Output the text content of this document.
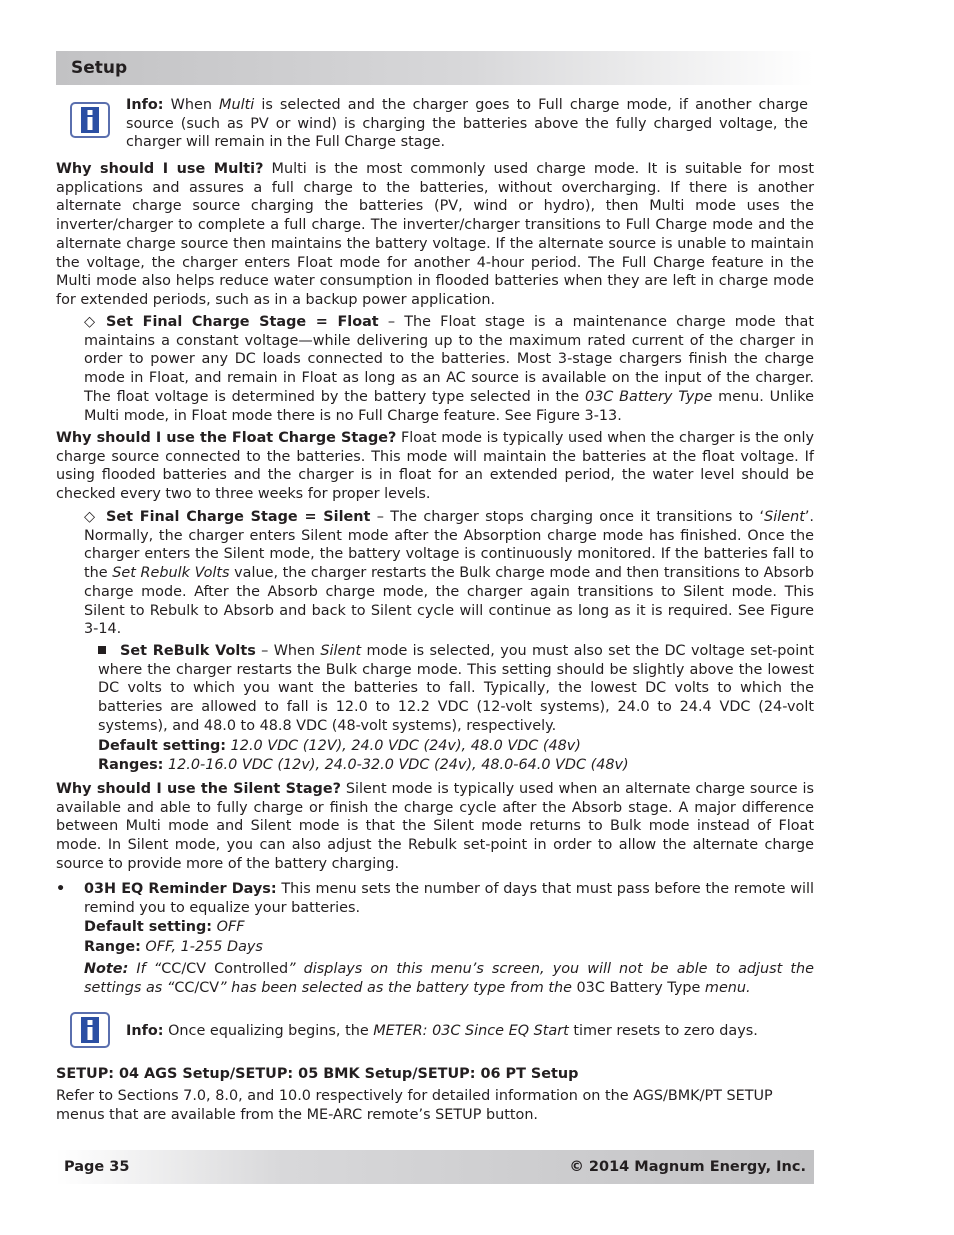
Setup
Info: When Multi is selected and the charger goes to Full charge mode, if another charge source (such as PV or wind) is charging the batteries above the fully charged voltage, the charger will remain in the Full Charge stage.

Why should I use Multi? Multi is the most commonly used charge mode. It is suitable for most applications and assures a full charge to the batteries, without overcharging. If there is another alternate charge source charging the batteries (PV, wind or hydro), then Multi mode uses the inverter/charger to complete a full charge. The inverter/charger transitions to Full Charge mode and the alternate charge source then maintains the battery voltage. If the alternate source is unable to maintain the voltage, the charger enters Float mode for another 4-hour period. The Full Charge feature in the Multi mode also helps reduce water consumption in flooded batteries when they are left in charge mode for extended periods, such as in a backup power application.

◇ Set Final Charge Stage = Float – The Float stage is a maintenance charge mode that maintains a constant voltage—while delivering up to the maximum rated current of the charger in order to power any DC loads connected to the batteries. Most 3-stage chargers finish the charge mode in Float, and remain in Float as long as an AC source is available on the input of the charger. The float voltage is determined by the battery type selected in the 03C Battery Type menu. Unlike Multi mode, in Float mode there is no Full Charge feature. See Figure 3-13.

Why should I use the Float Charge Stage? Float mode is typically used when the charger is the only charge source connected to the batteries. This mode will maintain the batteries at the float voltage. If using flooded batteries and the charger is in float for an extended period, the water level should be checked every two to three weeks for proper levels.

◇ Set Final Charge Stage = Silent – The charger stops charging once it transitions to ‘Silent’. Normally, the charger enters Silent mode after the Absorption charge mode has finished. Once the charger enters the Silent mode, the battery voltage is continuously monitored. If the batteries fall to the Set Rebulk Volts value, the charger restarts the Bulk charge mode and then transitions to Absorb charge mode. After the Absorb charge mode, the charger again transitions to Silent mode. This Silent to Rebulk to Absorb and back to Silent cycle will continue as long as it is required. See Figure 3-14.

Set ReBulk Volts – When Silent mode is selected, you must also set the DC voltage set-point where the charger restarts the Bulk charge mode. This setting should be slightly above the lowest DC volts to which you want the batteries to fall. Typically, the lowest DC volts to which the batteries are allowed to fall is 12.0 to 12.2 VDC (12-volt systems), 24.0 to 24.4 VDC (24-volt systems), and 48.0 to 48.8 VDC (48-volt systems), respectively.

Default setting: 12.0 VDC (12V), 24.0 VDC (24v), 48.0 VDC (48v)

Ranges: 12.0-16.0 VDC (12v), 24.0-32.0 VDC (24v), 48.0-64.0 VDC (48v)

Why should I use the Silent Stage? Silent mode is typically used when an alternate charge source is available and able to fully charge or finish the charge cycle after the Absorb stage. A major difference between Multi mode and Silent mode is that the Silent mode returns to Bulk mode instead of Float mode. In Silent mode, you can also adjust the Rebulk set-point in order to allow the alternate charge source to provide more of the battery charging.

• 03H EQ Reminder Days: This menu sets the number of days that must pass before the remote will remind you to equalize your batteries.

Default setting: OFF

Range: OFF, 1-255 Days

Note: If “CC/CV Controlled” displays on this menu’s screen, you will not be able to adjust the settings as “CC/CV” has been selected as the battery type from the 03C Battery Type menu.

Info: Once equalizing begins, the METER: 03C Since EQ Start timer resets to zero days.

SETUP: 04 AGS Setup/SETUP: 05 BMK Setup/SETUP: 06 PT Setup

Refer to Sections 7.0, 8.0, and 10.0 respectively for detailed information on the AGS/BMK/PT SETUP menus that are available from the ME-ARC remote’s SETUP button.

Page 35	© 2014 Magnum Energy, Inc.
